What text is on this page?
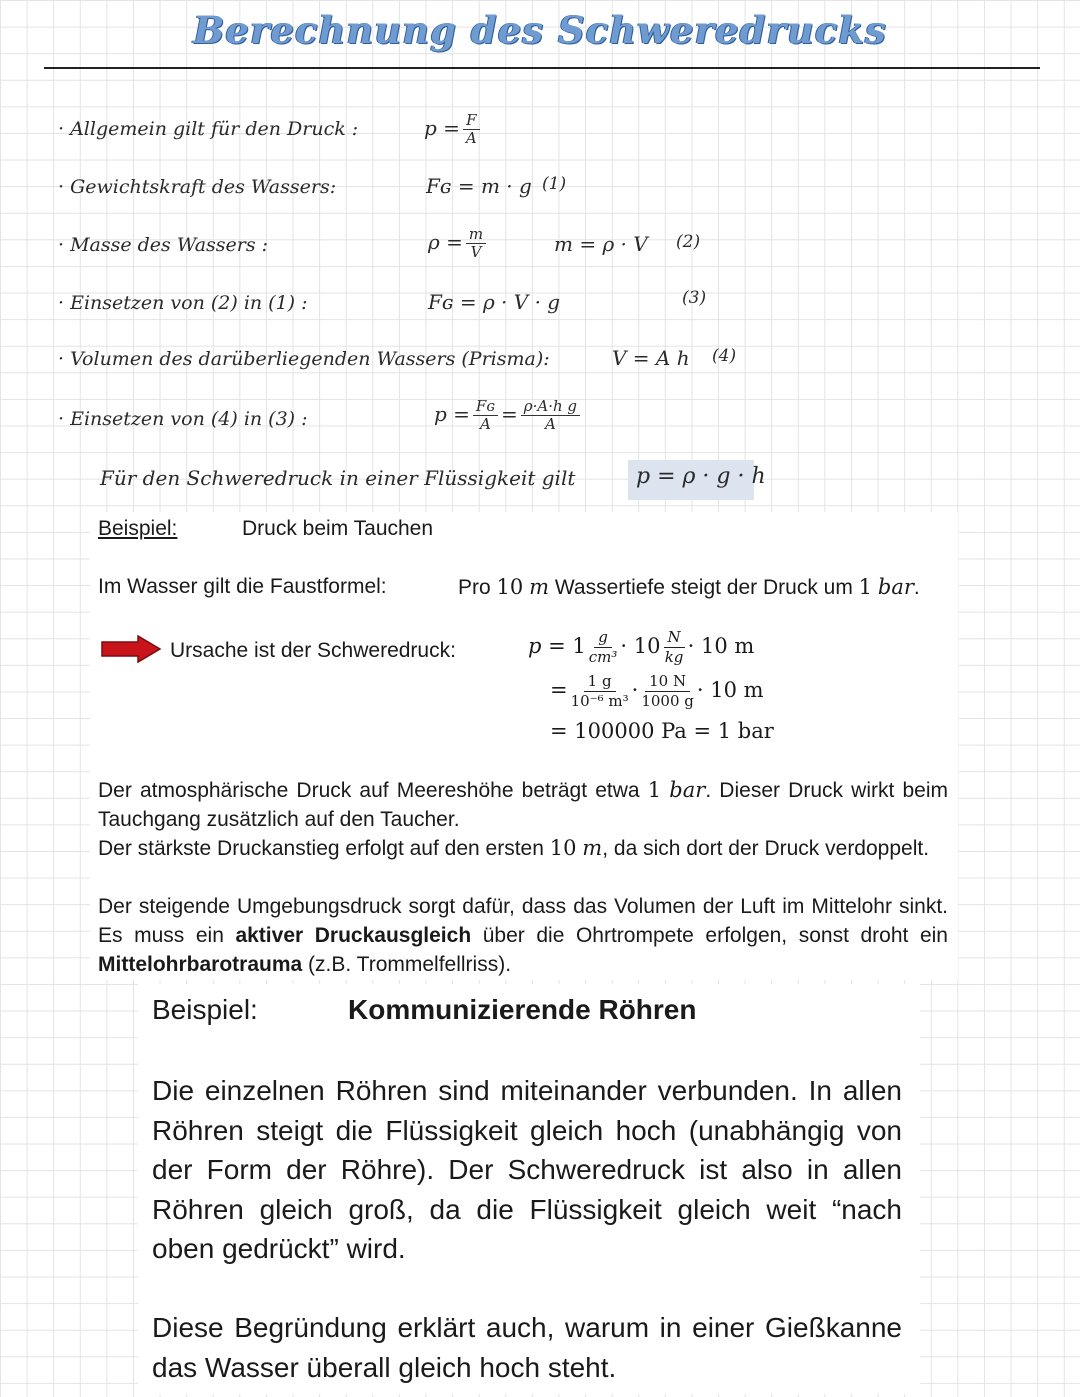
Berechnung des Schweredrucks
· Allgemein gilt für den Druck :	$p = \frac{F}{A}$
· Gewichtskraft des Wassers:	Fɢ = m · g (1)
· Masse des Wassers :	$\rho = \frac{m}{V}$	m = ρ · V (2)
· Einsetzen von (2) in (1) :	Fɢ = ρ · V · g	(3)
· Volumen des darüberliegenden Wassers (Prisma):	V = A h (4)
· Einsetzen von (4) in (3) :	$p = \frac{\text{Fɢ}}{A} = \frac{\text{ρ·A·h g}}{A}$
Für den Schweredruck in einer Flüssigkeit gilt	p = ρ · g · h
Beispiel:	Druck beim Tauchen
Im Wasser gilt die Faustformel:	Pro 10 m Wassertiefe steigt der Druck um 1 bar.
Ursache ist der Schweredruck:	$p = 1 \frac{g}{\text{cm³}} \cdot 10 \frac{N}{kg} \cdot 10$ m
= $\frac{1 g}{\text{10⁻⁶ m³}} \cdot \frac{10 N}{1000 g} \cdot 10$ m
= 100000 Pa = 1 bar
Der atmosphärische Druck auf Meereshöhe beträgt etwa 1 bar. Dieser Druck wirkt beim Tauchgang zusätzlich auf den Taucher.
Der stärkste Druckanstieg erfolgt auf den ersten 10 m, da sich dort der Druck verdoppelt.
Der steigende Umgebungsdruck sorgt dafür, dass das Volumen der Luft im Mittelohr sinkt. Es muss ein aktiver Druckausgleich über die Ohrtrompete erfolgen, sonst droht ein Mittelohrbarotrauma (z.B. Trommelfellriss).
Beispiel:	Kommunizierende Röhren
Die einzelnen Röhren sind miteinander verbunden. In allen Röhren steigt die Flüssigkeit gleich hoch (unabhängig von der Form der Röhre). Der Schweredruck ist also in allen Röhren gleich groß, da die Flüssigkeit gleich weit “nach oben gedrückt” wird.
Diese Begründung erklärt auch, warum in einer Gießkanne das Wasser überall gleich hoch steht.
